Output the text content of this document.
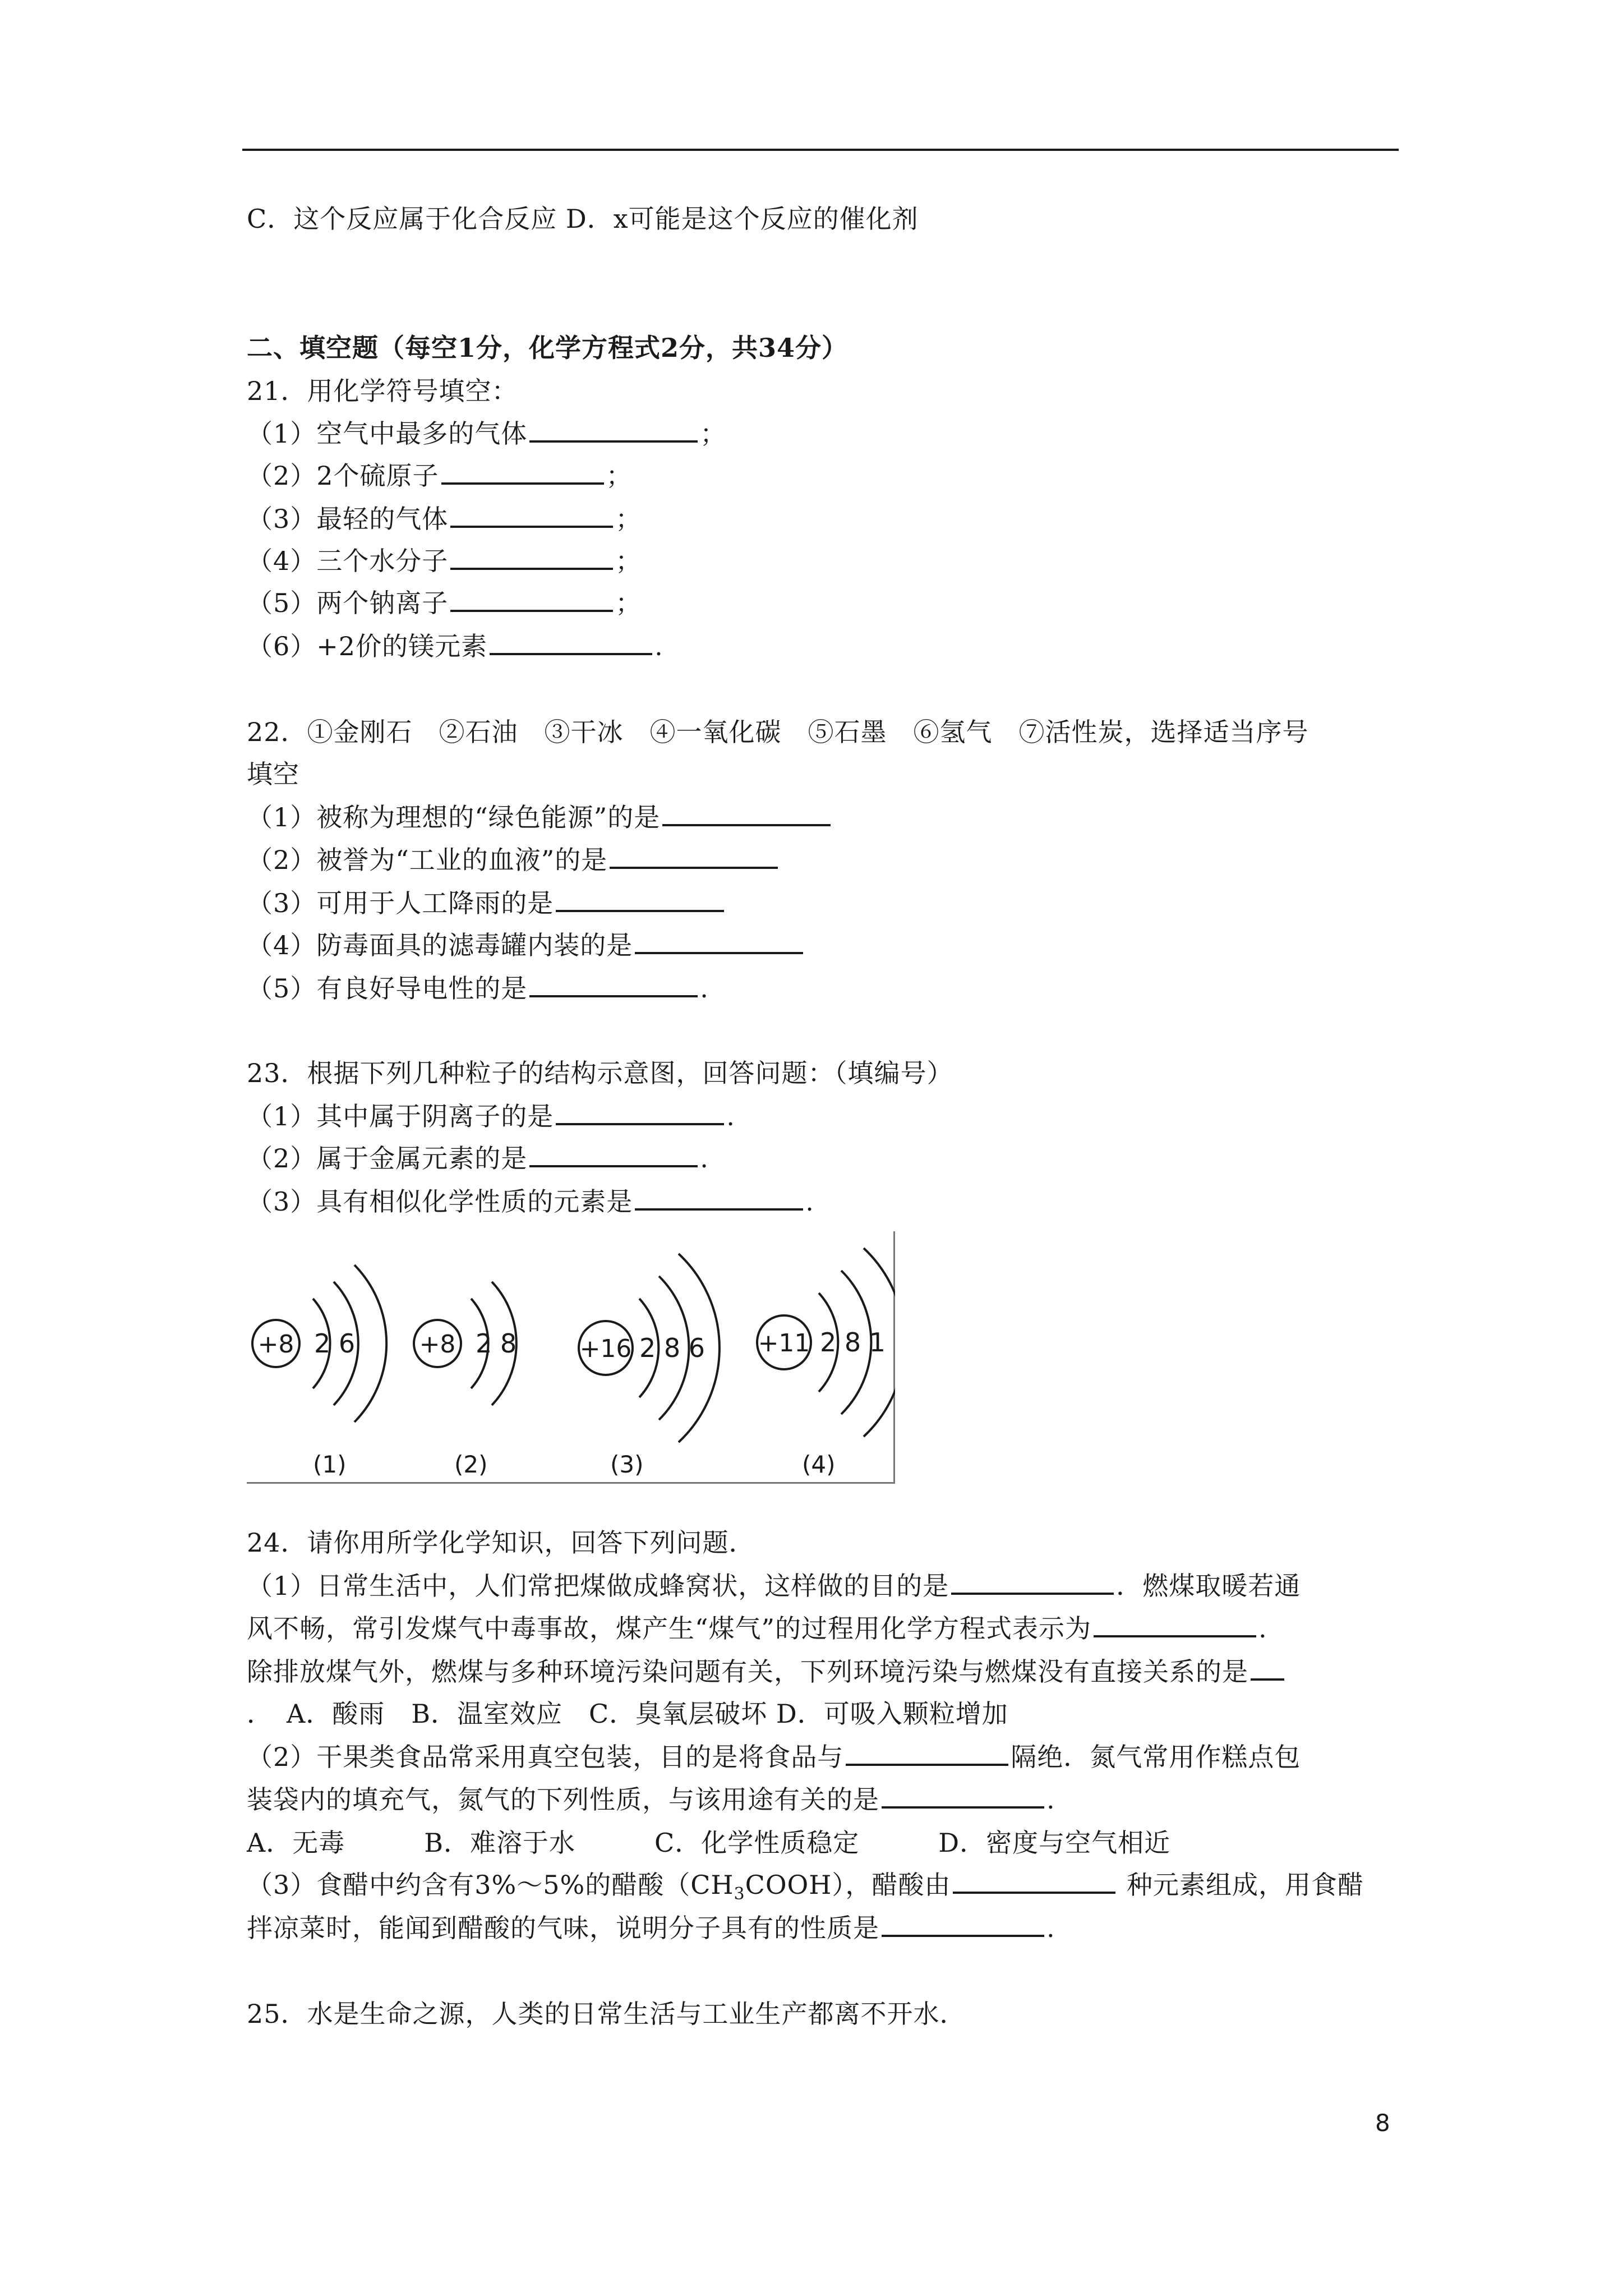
C．这个反应属于化合反应 D．x可能是这个反应的催化剂
二、填空题（每空1分，化学方程式2分，共34分）
21．用化学符号填空：
（1）空气中最多的气体	；
（2）2个硫原子	；
（3）最轻的气体	；
（4）三个水分子	；
（5）两个钠离子	；
（6）+2价的镁元素	.
22．①金刚石　②石油　③干冰　④一氧化碳　⑤石墨　⑥氢气　⑦活性炭，选择适当序号
填空
（1）被称为理想的“绿色能源”的是
（2）被誉为“工业的血液”的是
（3）可用于人工降雨的是
（4）防毒面具的滤毒罐内装的是
（5）有良好导电性的是	.
23．根据下列几种粒子的结构示意图，回答问题：（填编号）
（1）其中属于阴离子的是	.
（2）属于金属元素的是	.
（3）具有相似化学性质的元素是	.
+8 2 6
(1)
+8 2 8
(2)
+16 2 8 6
(3)
+11 2 8 1
(4)
24．请你用所学化学知识，回答下列问题．
（1）日常生活中，人们常把煤做成蜂窝状，这样做的目的是	．燃煤取暖若通
风不畅，常引发煤气中毒事故，煤产生“煤气”的过程用化学方程式表示为	.
除排放煤气外，燃煤与多种环境污染问题有关，下列环境污染与燃煤没有直接关系的是
．　A．酸雨　B．温室效应　C．臭氧层破坏 D．可吸入颗粒增加
（2）干果类食品常采用真空包装，目的是将食品与	隔绝．氮气常用作糕点包
装袋内的填充气，氮气的下列性质，与该用途有关的是	.
A．无毒　　　B．难溶于水　　　C．化学性质稳定　　　D．密度与空气相近
（3）食醋中约含有3%～5%的醋酸$(CH_3COOH)$，醋酸由	种元素组成，用食醋
拌凉菜时，能闻到醋酸的气味，说明分子具有的性质是	.
25．水是生命之源，人类的日常生活与工业生产都离不开水．
8
